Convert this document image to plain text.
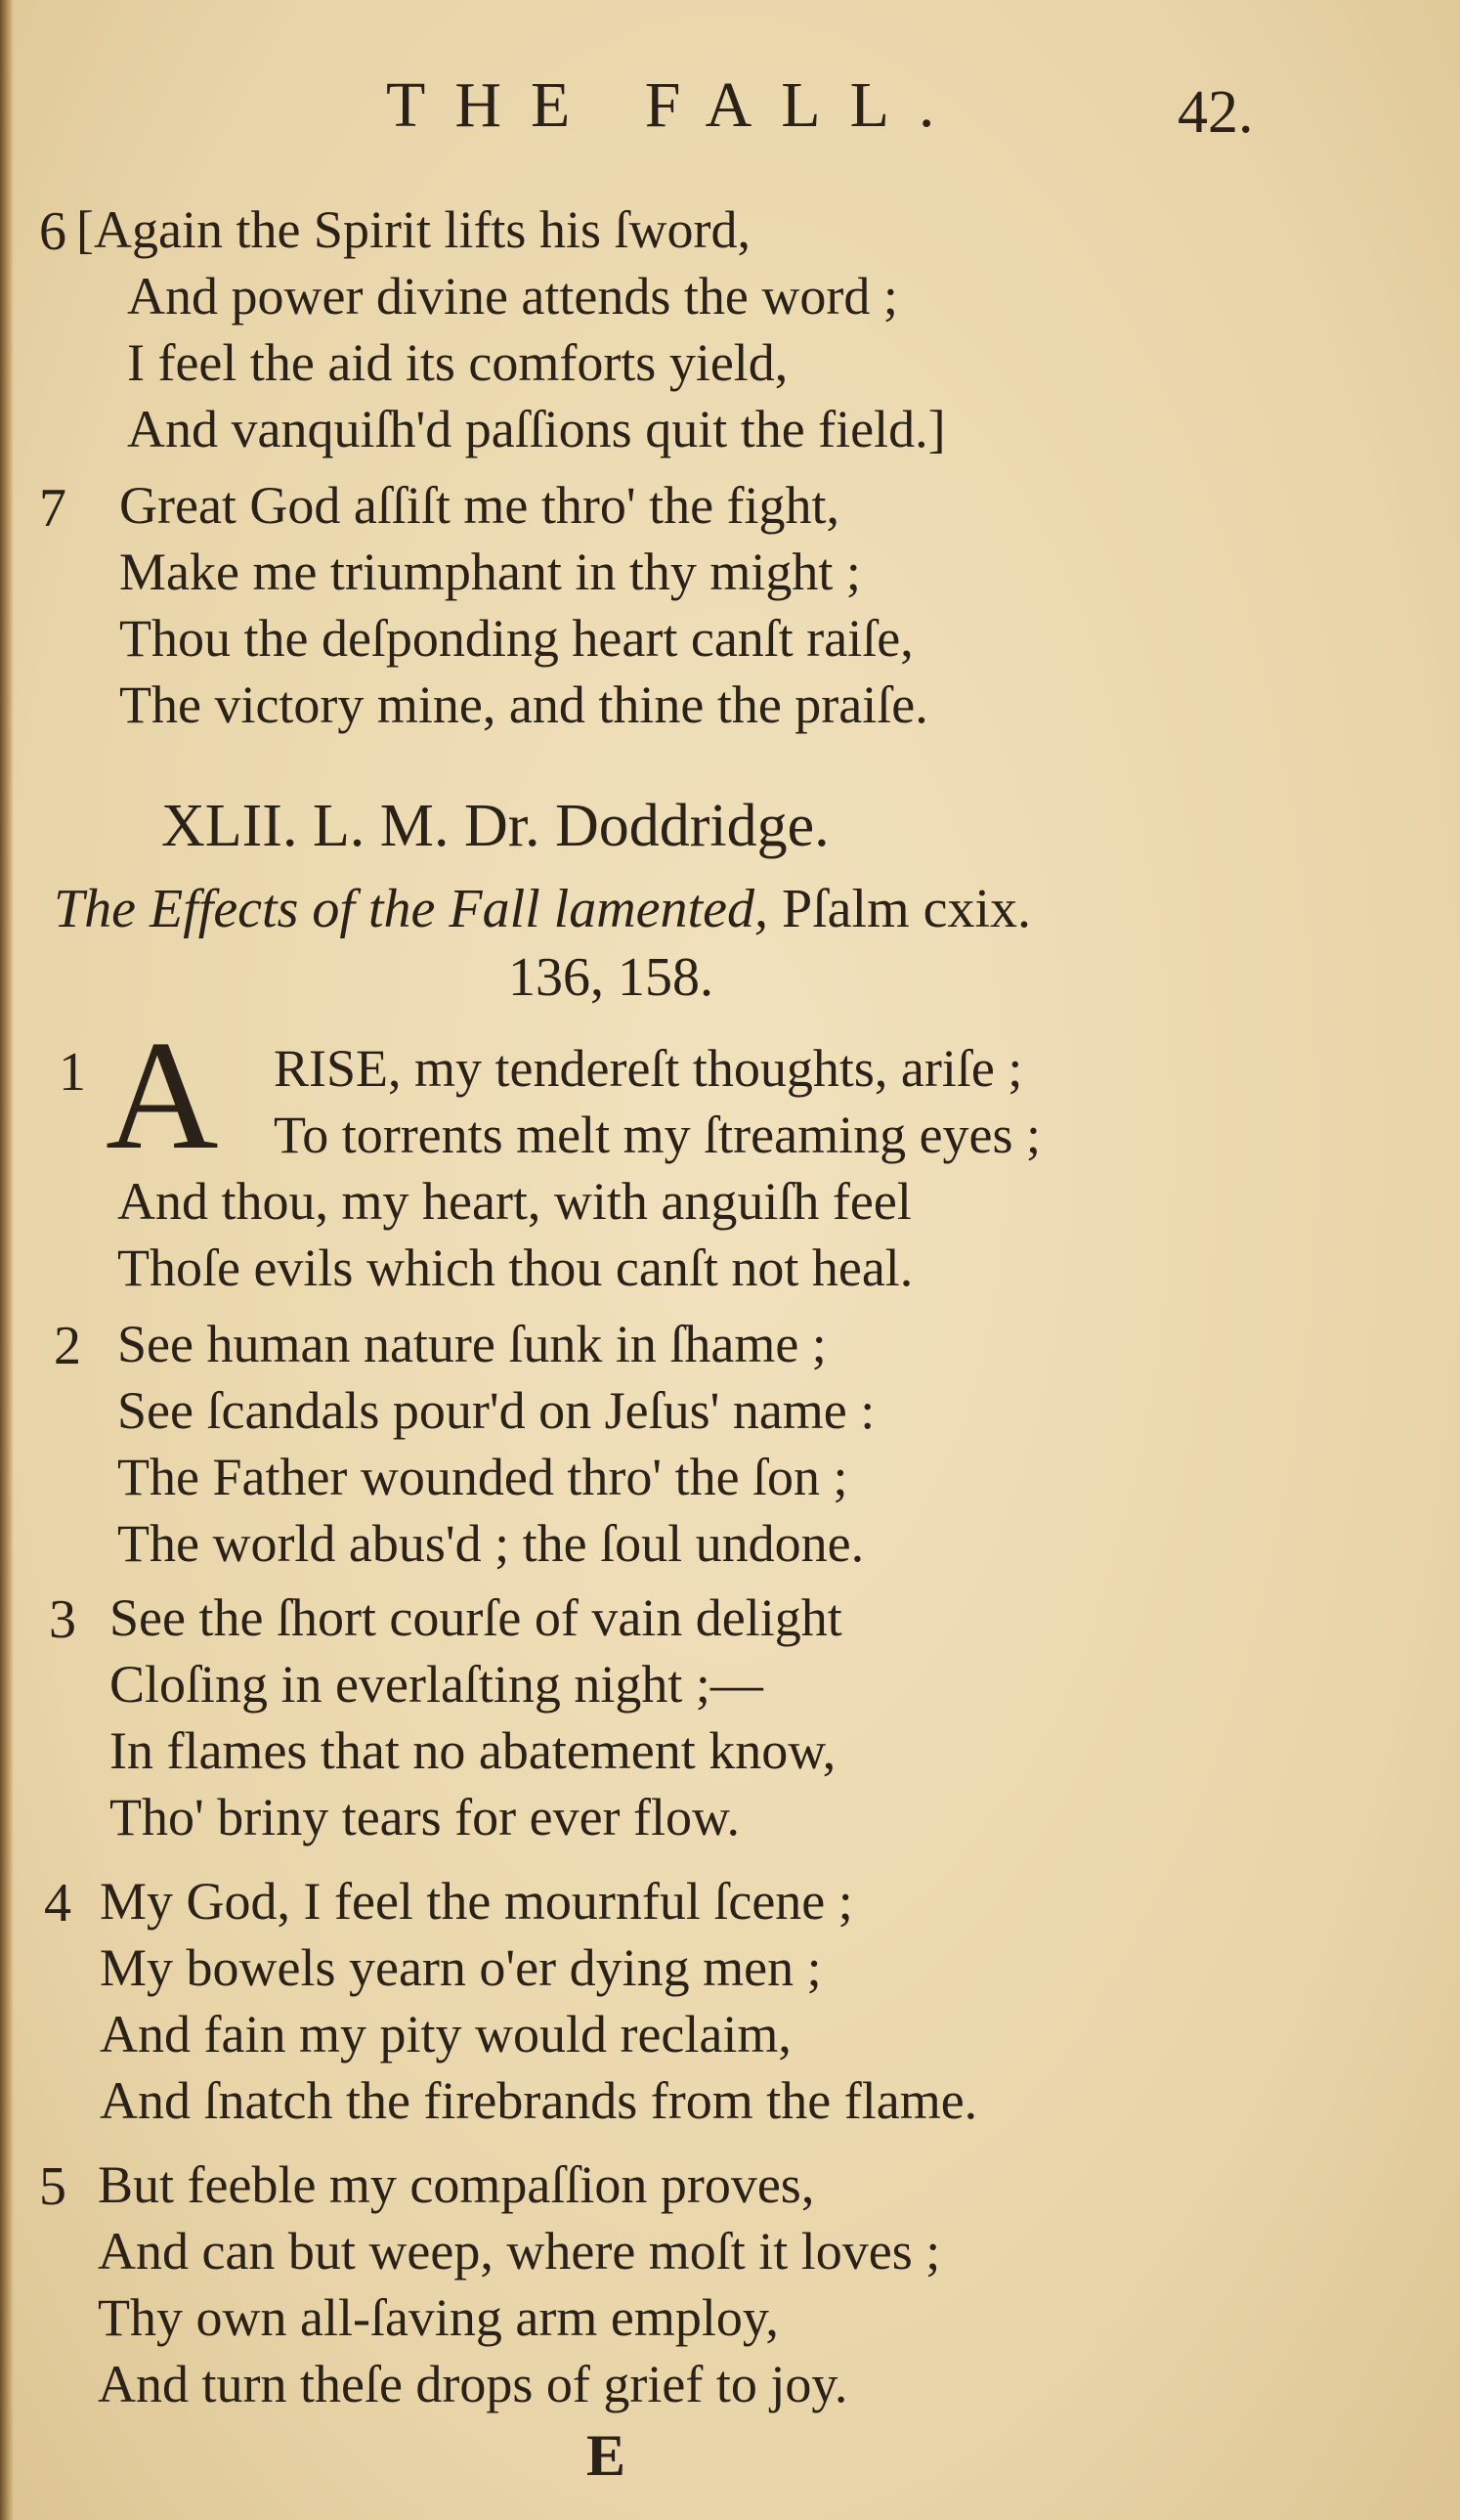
THE FALL.	42.
6 [Again the Spirit lifts his ſword,
And power divine attends the word ;
I feel the aid its comforts yield,
And vanquiſh'd paſſions quit the field.]
7	Great God aſſiſt me thro' the fight,
Make me triumphant in thy might ;
Thou the deſponding heart canſt raiſe,
The victory mine, and thine the praiſe.
XLII. L. M. Dr. Doddridge.
The Effects of the Fall lamented, Pſalm cxix.
136, 158.
1 A RISE, my tendereſt thoughts, ariſe ;
To torrents melt my ſtreaming eyes ;
And thou, my heart, with anguiſh feel
Thoſe evils which thou canſt not heal.
2 See human nature ſunk in ſhame ;
See ſcandals pour'd on Jeſus' name :
The Father wounded thro' the ſon ;
The world abus'd ; the ſoul undone.
3 See the ſhort courſe of vain delight
Cloſing in everlaſting night ;—
In flames that no abatement know,
Tho' briny tears for ever flow.
4 My God, I feel the mournful ſcene ;
My bowels yearn o'er dying men ;
And fain my pity would reclaim,
And ſnatch the firebrands from the flame.
5 But feeble my compaſſion proves,
And can but weep, where moſt it loves ;
Thy own all-ſaving arm employ,
And turn theſe drops of grief to joy.
E
